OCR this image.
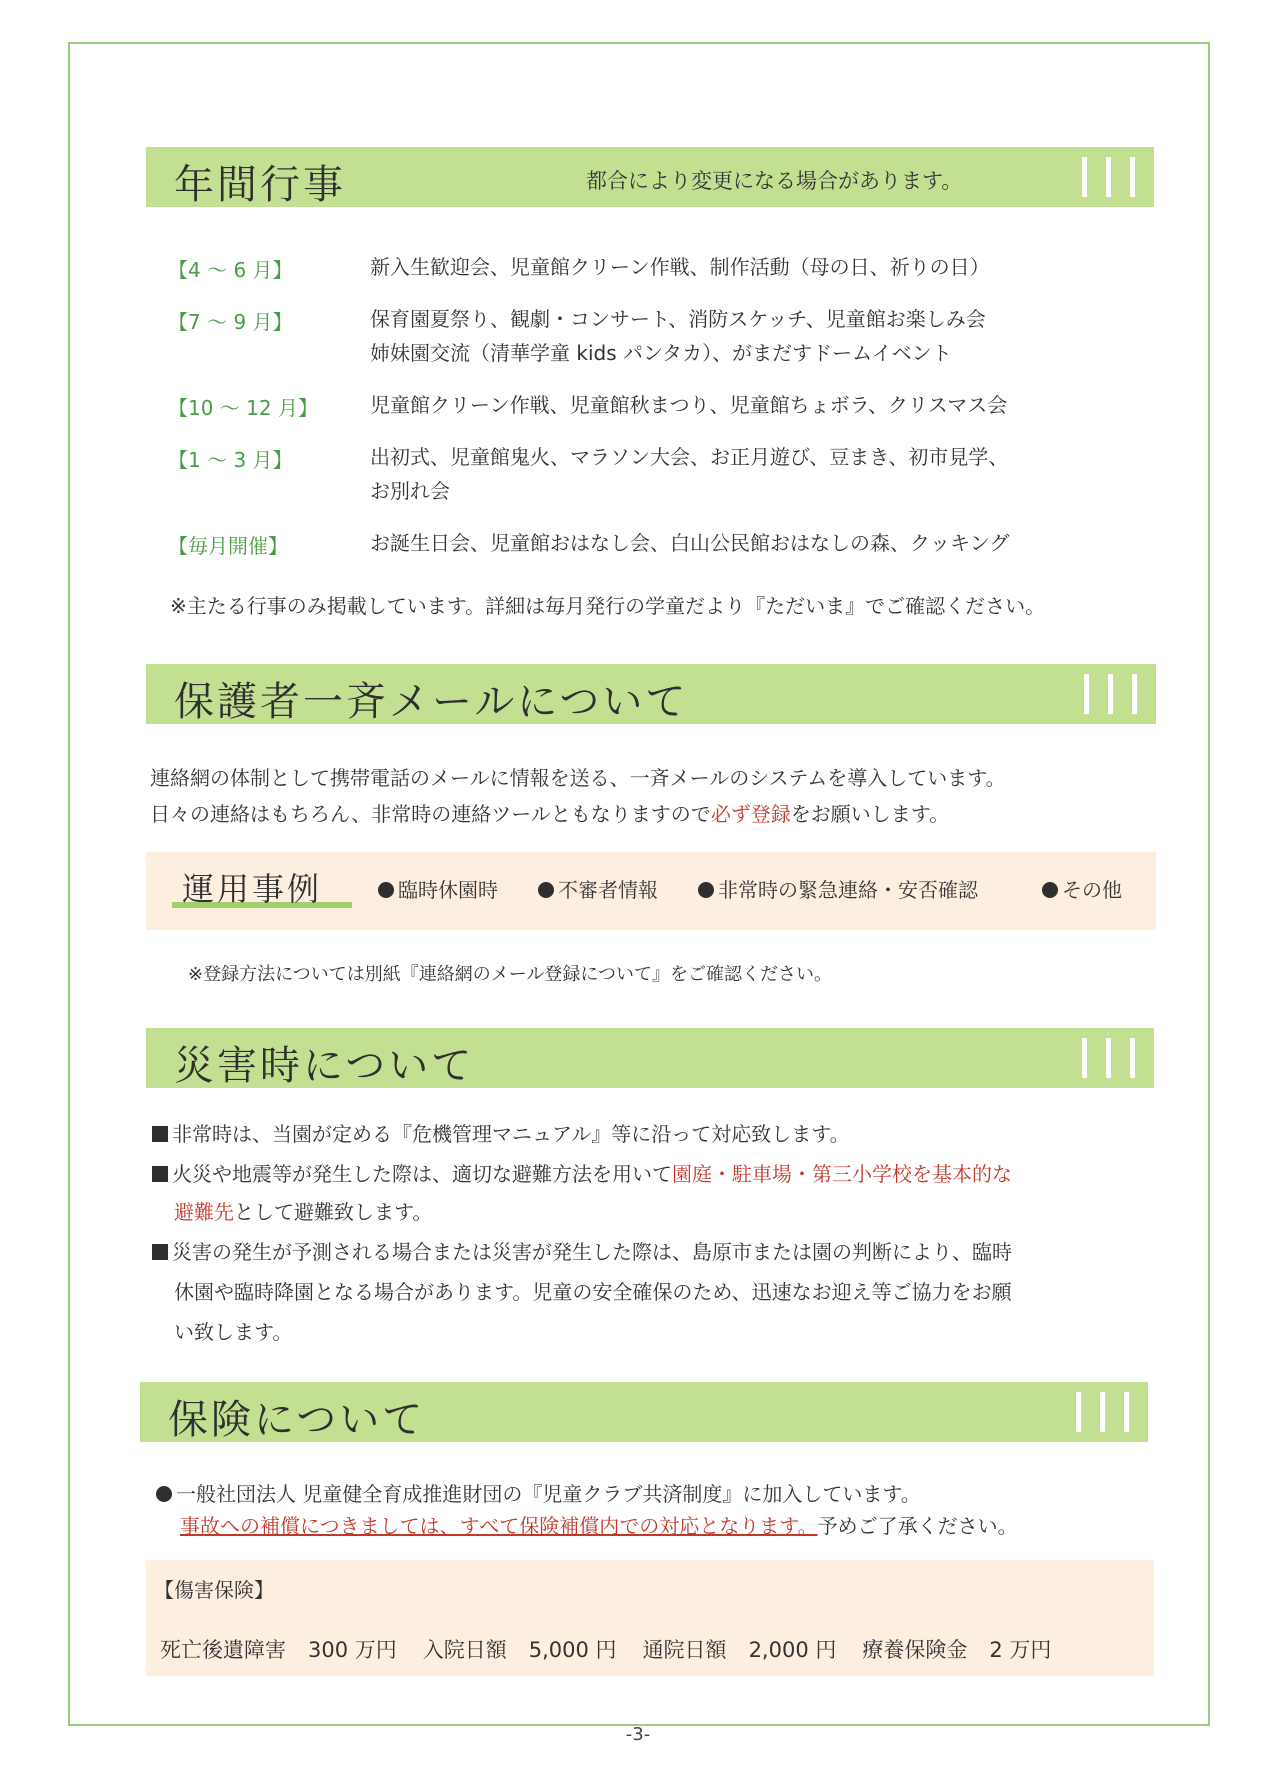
年間行事	都合により変更になる場合があります。
【4 ～ 6 月】	新入生歓迎会、児童館クリーン作戦、制作活動（母の日、祈りの日）
【7 ～ 9 月】	保育園夏祭り、観劇・コンサート、消防スケッチ、児童館お楽しみ会
姉妹園交流（清華学童 kids パンタカ）、がまだすドームイベント
【10 ～ 12 月】	児童館クリーン作戦、児童館秋まつり、児童館ちょボラ、クリスマス会
【1 ～ 3 月】	出初式、児童館鬼火、マラソン大会、お正月遊び、豆まき、初市見学、
お別れ会
【毎月開催】	お誕生日会、児童館おはなし会、白山公民館おはなしの森、クッキング
※主たる行事のみ掲載しています。詳細は毎月発行の学童だより『ただいま』でご確認ください。
保護者一斉メールについて
連絡網の体制として携帯電話のメールに情報を送る、一斉メールのシステムを導入しています。
日々の連絡はもちろん、非常時の連絡ツールともなりますので必ず登録をお願いします。
運用事例	臨時休園時	不審者情報	非常時の緊急連絡・安否確認	その他
※登録方法については別紙『連絡網のメール登録について』をご確認ください。
災害時について
非常時は、当園が定める『危機管理マニュアル』等に沿って対応致します。
火災や地震等が発生した際は、適切な避難方法を用いて園庭・駐車場・第三小学校を基本的な
避難先として避難致します。
災害の発生が予測される場合または災害が発生した際は、島原市または園の判断により、臨時
休園や臨時降園となる場合があります。児童の安全確保のため、迅速なお迎え等ご協力をお願
い致します。
保険について
一般社団法人 児童健全育成推進財団の『児童クラブ共済制度』に加入しています。
事故への補償につきましては、すべて保険補償内での対応となります。予めご了承ください。
【傷害保険】
死亡後遺障害 300 万円 入院日額 5,000 円 通院日額 2,000 円 療養保険金 2 万円
-3-
